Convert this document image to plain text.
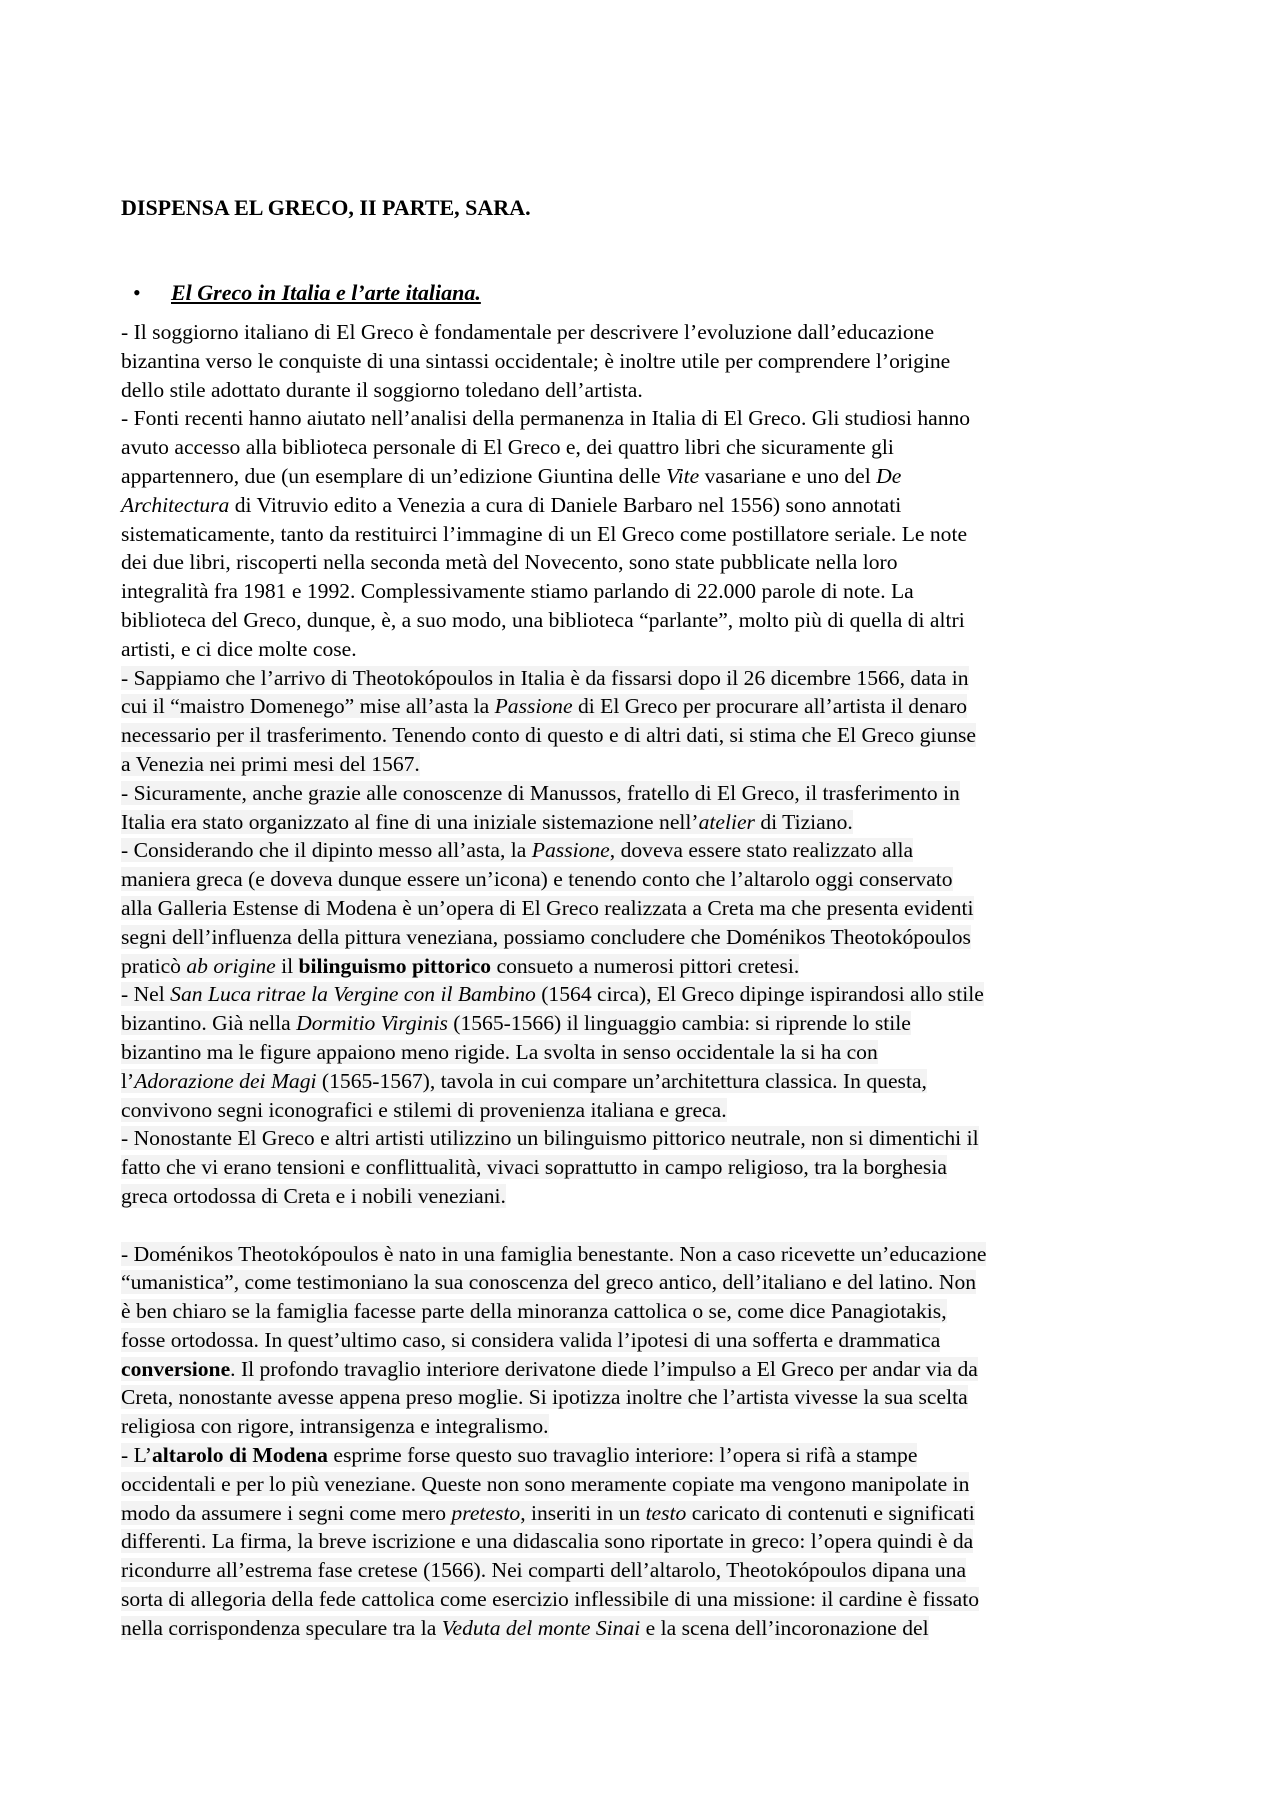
DISPENSA EL GRECO, II PARTE, SARA.

• El Greco in Italia e l’arte italiana.
- Il soggiorno italiano di El Greco è fondamentale per descrivere l’evoluzione dall’educazione
bizantina verso le conquiste di una sintassi occidentale; è inoltre utile per comprendere l’origine
dello stile adottato durante il soggiorno toledano dell’artista.
- Fonti recenti hanno aiutato nell’analisi della permanenza in Italia di El Greco. Gli studiosi hanno
avuto accesso alla biblioteca personale di El Greco e, dei quattro libri che sicuramente gli
appartennero, due (un esemplare di un’edizione Giuntina delle Vite vasariane e uno del De
Architectura di Vitruvio edito a Venezia a cura di Daniele Barbaro nel 1556) sono annotati
sistematicamente, tanto da restituirci l’immagine di un El Greco come postillatore seriale. Le note
dei due libri, riscoperti nella seconda metà del Novecento, sono state pubblicate nella loro
integralità fra 1981 e 1992. Complessivamente stiamo parlando di 22.000 parole di note. La
biblioteca del Greco, dunque, è, a suo modo, una biblioteca “parlante”, molto più di quella di altri
artisti, e ci dice molte cose.
- Sappiamo che l’arrivo di Theotokópoulos in Italia è da fissarsi dopo il 26 dicembre 1566, data in
cui il “maistro Domenego” mise all’asta la Passione di El Greco per procurare all’artista il denaro
necessario per il trasferimento. Tenendo conto di questo e di altri dati, si stima che El Greco giunse
a Venezia nei primi mesi del 1567.
- Sicuramente, anche grazie alle conoscenze di Manussos, fratello di El Greco, il trasferimento in
Italia era stato organizzato al fine di una iniziale sistemazione nell’atelier di Tiziano.
- Considerando che il dipinto messo all’asta, la Passione, doveva essere stato realizzato alla
maniera greca (e doveva dunque essere un’icona) e tenendo conto che l’altarolo oggi conservato
alla Galleria Estense di Modena è un’opera di El Greco realizzata a Creta ma che presenta evidenti
segni dell’influenza della pittura veneziana, possiamo concludere che Doménikos Theotokópoulos
praticò ab origine il bilinguismo pittorico consueto a numerosi pittori cretesi.
- Nel San Luca ritrae la Vergine con il Bambino (1564 circa), El Greco dipinge ispirandosi allo stile
bizantino. Già nella Dormitio Virginis (1565-1566) il linguaggio cambia: si riprende lo stile
bizantino ma le figure appaiono meno rigide. La svolta in senso occidentale la si ha con
l’Adorazione dei Magi (1565-1567), tavola in cui compare un’architettura classica. In questa,
convivono segni iconografici e stilemi di provenienza italiana e greca.
- Nonostante El Greco e altri artisti utilizzino un bilinguismo pittorico neutrale, non si dimentichi il
fatto che vi erano tensioni e conflittualità, vivaci soprattutto in campo religioso, tra la borghesia
greca ortodossa di Creta e i nobili veneziani.
- Doménikos Theotokópoulos è nato in una famiglia benestante. Non a caso ricevette un’educazione
“umanistica”, come testimoniano la sua conoscenza del greco antico, dell’italiano e del latino. Non
è ben chiaro se la famiglia facesse parte della minoranza cattolica o se, come dice Panagiotakis,
fosse ortodossa. In quest’ultimo caso, si considera valida l’ipotesi di una sofferta e drammatica
conversione. Il profondo travaglio interiore derivatone diede l’impulso a El Greco per andar via da
Creta, nonostante avesse appena preso moglie. Si ipotizza inoltre che l’artista vivesse la sua scelta
religiosa con rigore, intransigenza e integralismo.
- L’altarolo di Modena esprime forse questo suo travaglio interiore: l’opera si rifà a stampe
occidentali e per lo più veneziane. Queste non sono meramente copiate ma vengono manipolate in
modo da assumere i segni come mero pretesto, inseriti in un testo caricato di contenuti e significati
differenti. La firma, la breve iscrizione e una didascalia sono riportate in greco: l’opera quindi è da
ricondurre all’estrema fase cretese (1566). Nei comparti dell’altarolo, Theotokópoulos dipana una
sorta di allegoria della fede cattolica come esercizio inflessibile di una missione: il cardine è fissato
nella corrispondenza speculare tra la Veduta del monte Sinai e la scena dell’incoronazione del
